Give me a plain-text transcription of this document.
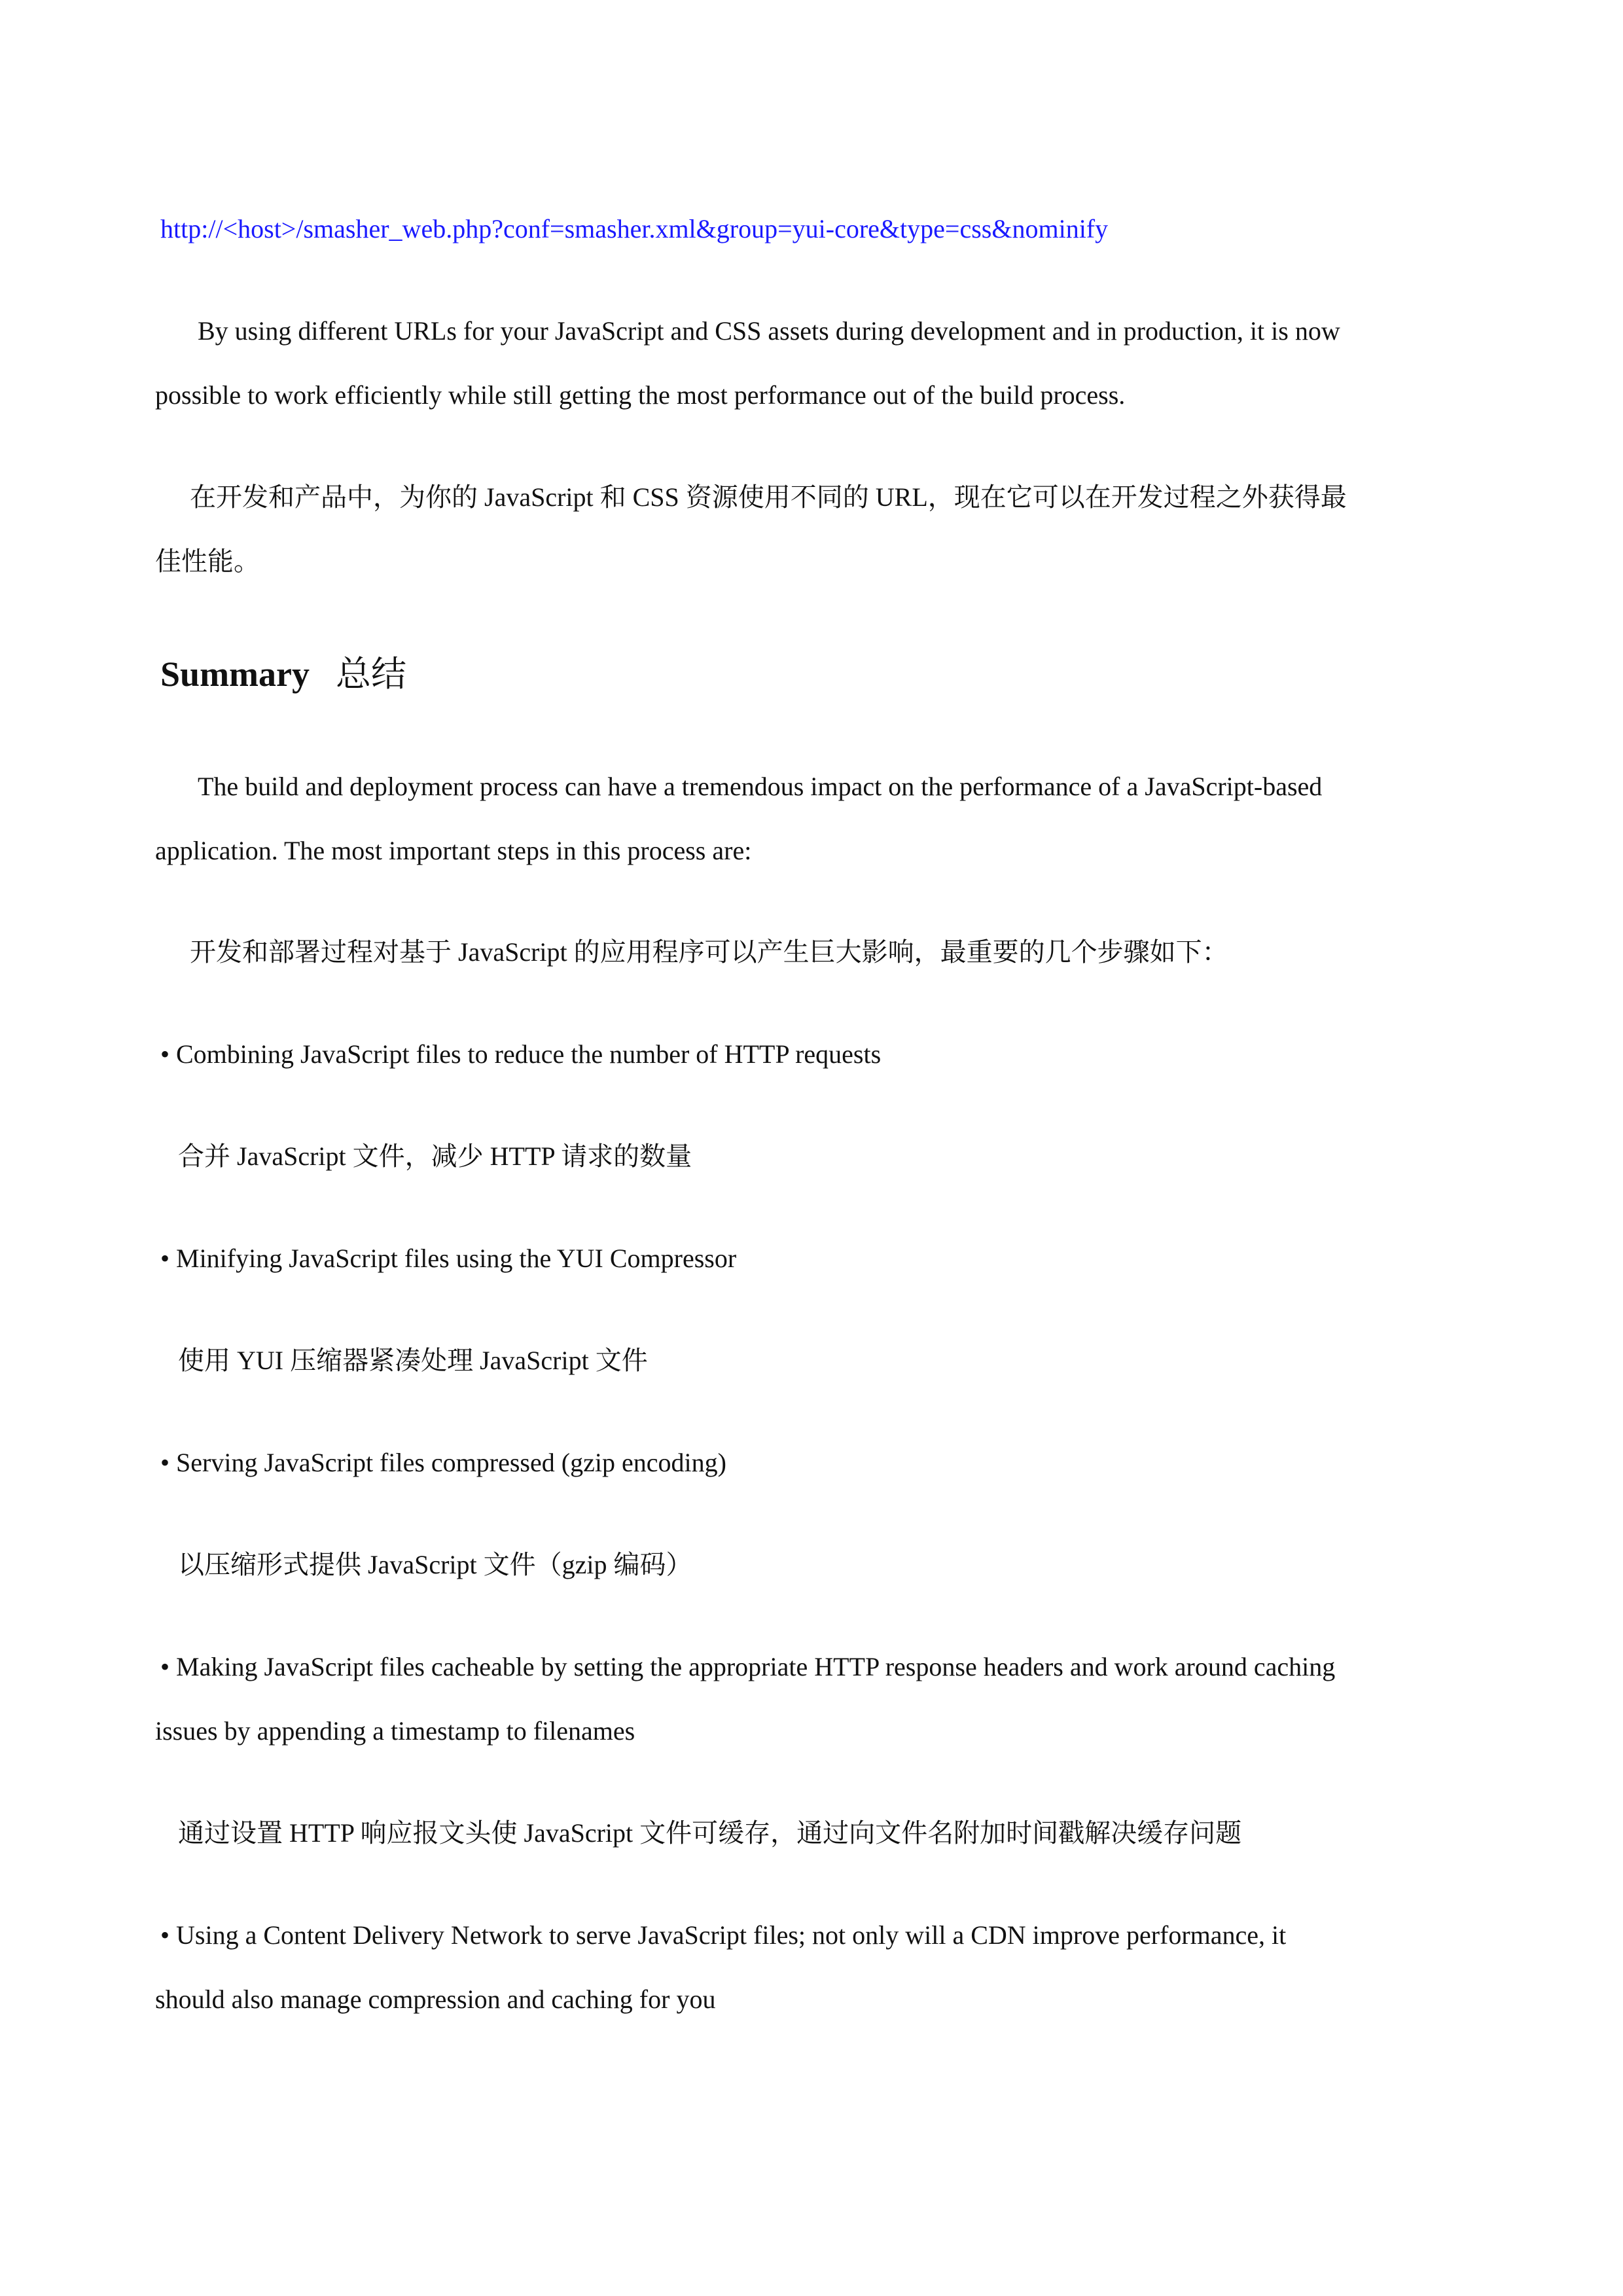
http://<host>/smasher_web.php?conf=smasher.xml&group=yui-core&type=css&nominify
By using different URLs for your JavaScript and CSS assets during development and in production, it is now
possible to work efficiently while still getting the most performance out of the build process.
在开发和产品中，为你的 JavaScript 和 CSS 资源使用不同的 URL，现在它可以在开发过程之外获得最
佳性能。
Summary 总结
The build and deployment process can have a tremendous impact on the performance of a JavaScript-based
application. The most important steps in this process are:
开发和部署过程对基于 JavaScript 的应用程序可以产生巨大影响，最重要的几个步骤如下：
• Combining JavaScript files to reduce the number of HTTP requests
合并 JavaScript 文件，减少 HTTP 请求的数量
• Minifying JavaScript files using the YUI Compressor
使用 YUI 压缩器紧凑处理 JavaScript 文件
• Serving JavaScript files compressed (gzip encoding)
以压缩形式提供 JavaScript 文件（gzip 编码）
• Making JavaScript files cacheable by setting the appropriate HTTP response headers and work around caching
issues by appending a timestamp to filenames
通过设置 HTTP 响应报文头使 JavaScript 文件可缓存，通过向文件名附加时间戳解决缓存问题
• Using a Content Delivery Network to serve JavaScript files; not only will a CDN improve performance, it
should also manage compression and caching for you
